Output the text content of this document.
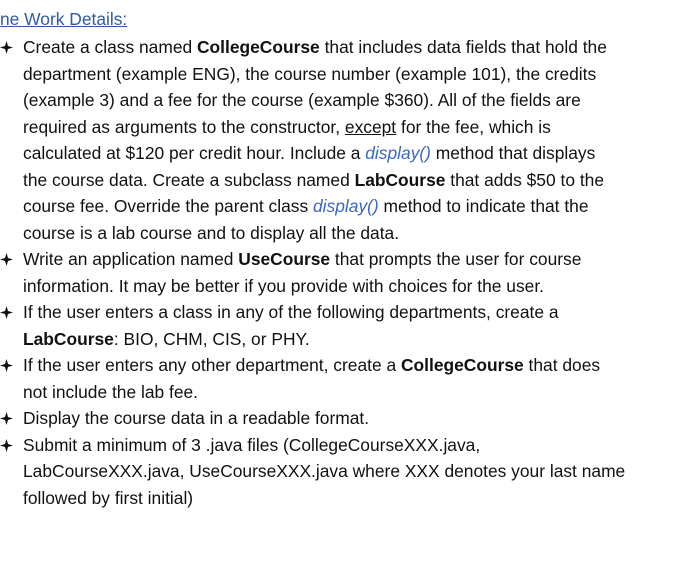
ne Work Details:
Create a class named CollegeCourse that includes data fields that hold the
department (example ENG), the course number (example 101), the credits
(example 3) and a fee for the course (example $360). All of the fields are
required as arguments to the constructor, except for the fee, which is
calculated at $120 per credit hour. Include a display() method that displays
the course data. Create a subclass named LabCourse that adds $50 to the
course fee. Override the parent class display() method to indicate that the
course is a lab course and to display all the data.
Write an application named UseCourse that prompts the user for course
information. It may be better if you provide with choices for the user.
If the user enters a class in any of the following departments, create a
LabCourse: BIO, CHM, CIS, or PHY.
If the user enters any other department, create a CollegeCourse that does
not include the lab fee.
Display the course data in a readable format.
Submit a minimum of 3 .java files (CollegeCourseXXX.java,
LabCourseXXX.java, UseCourseXXX.java where XXX denotes your last name
followed by first initial)
